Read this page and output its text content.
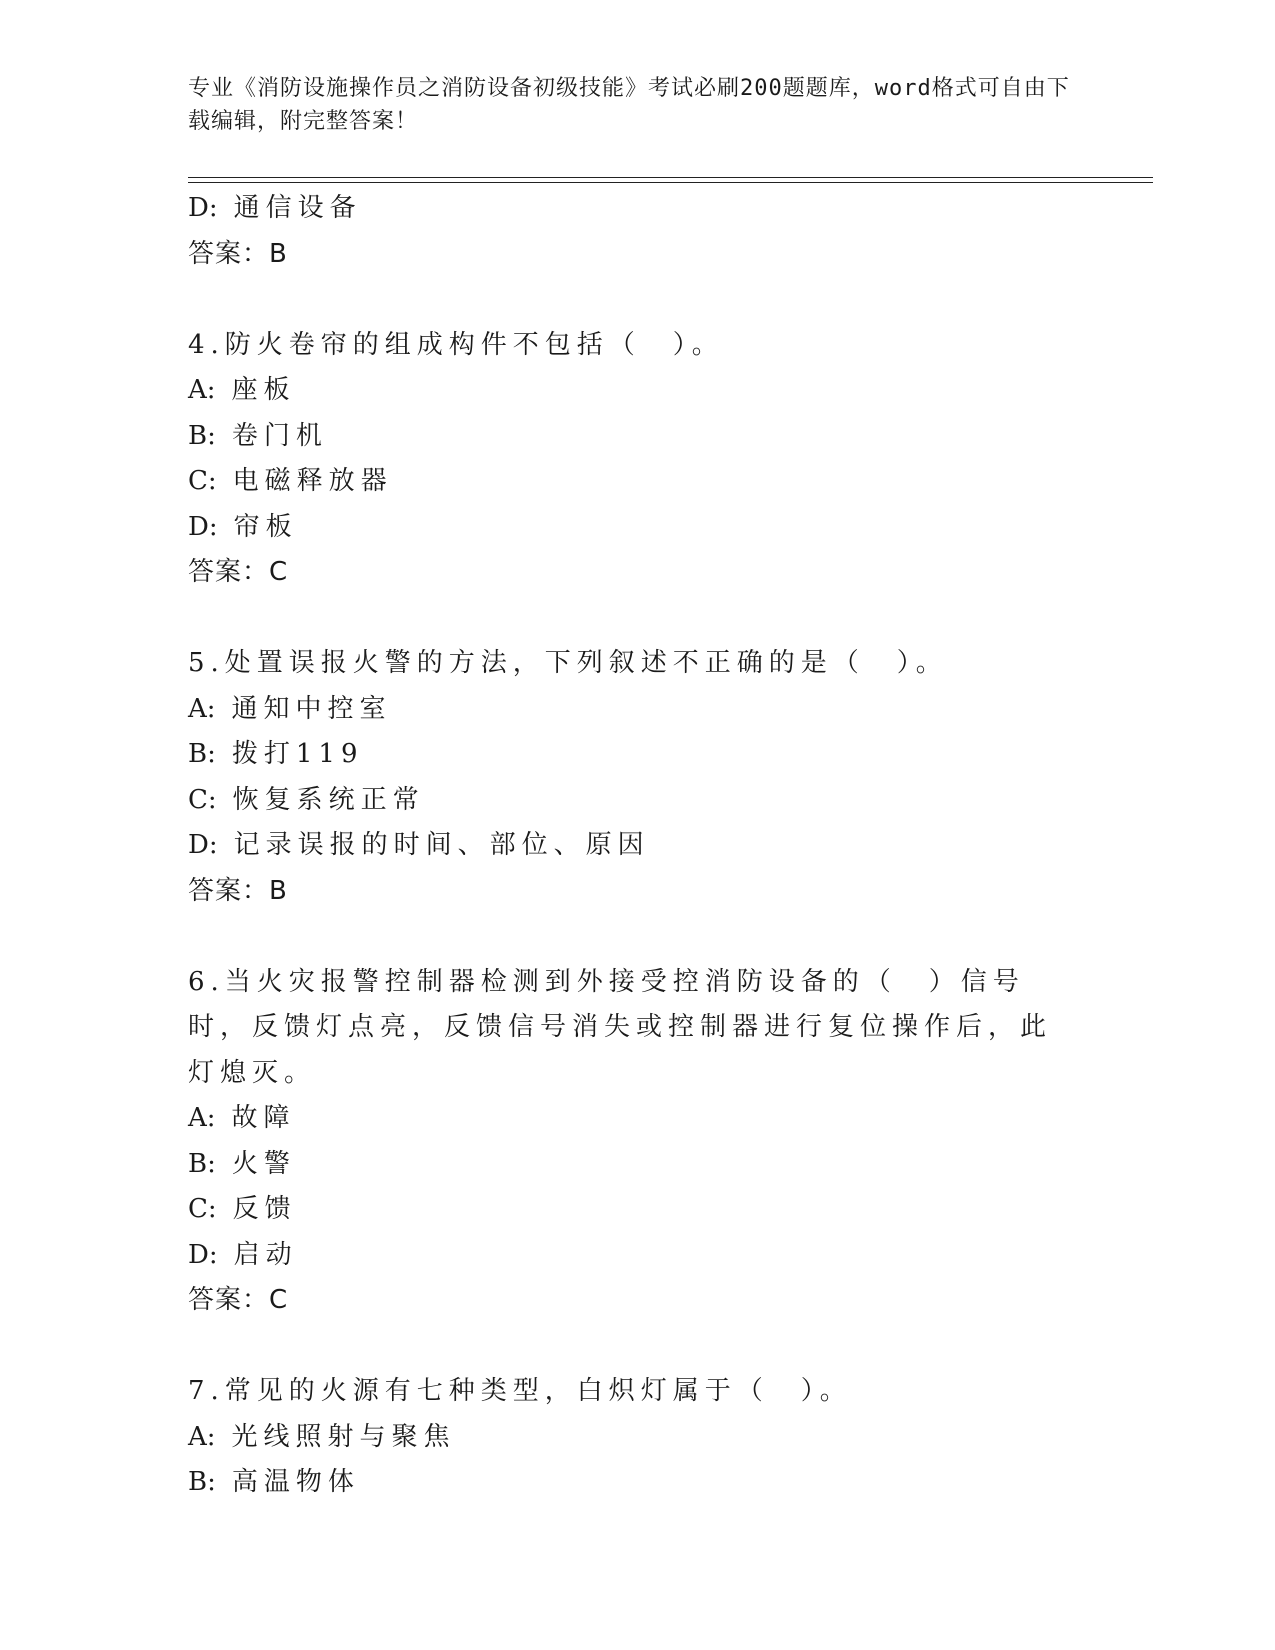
专业《消防设施操作员之消防设备初级技能》考试必刷200题题库，word格式可自由下载编辑，附完整答案！
D: 通信设备
答案：B
4.防火卷帘的组成构件不包括（　）。
A: 座板
B: 卷门机
C: 电磁释放器
D: 帘板
答案：C
5.处置误报火警的方法，下列叙述不正确的是（　）。
A: 通知中控室
B: 拨打119
C: 恢复系统正常
D: 记录误报的时间、部位、原因
答案：B
6.当火灾报警控制器检测到外接受控消防设备的（　）信号时，反馈灯点亮，反馈信号消失或控制器进行复位操作后，此灯熄灭。
A: 故障
B: 火警
C: 反馈
D: 启动
答案：C
7.常见的火源有七种类型，白炽灯属于（　）。
A: 光线照射与聚焦
B: 高温物体
